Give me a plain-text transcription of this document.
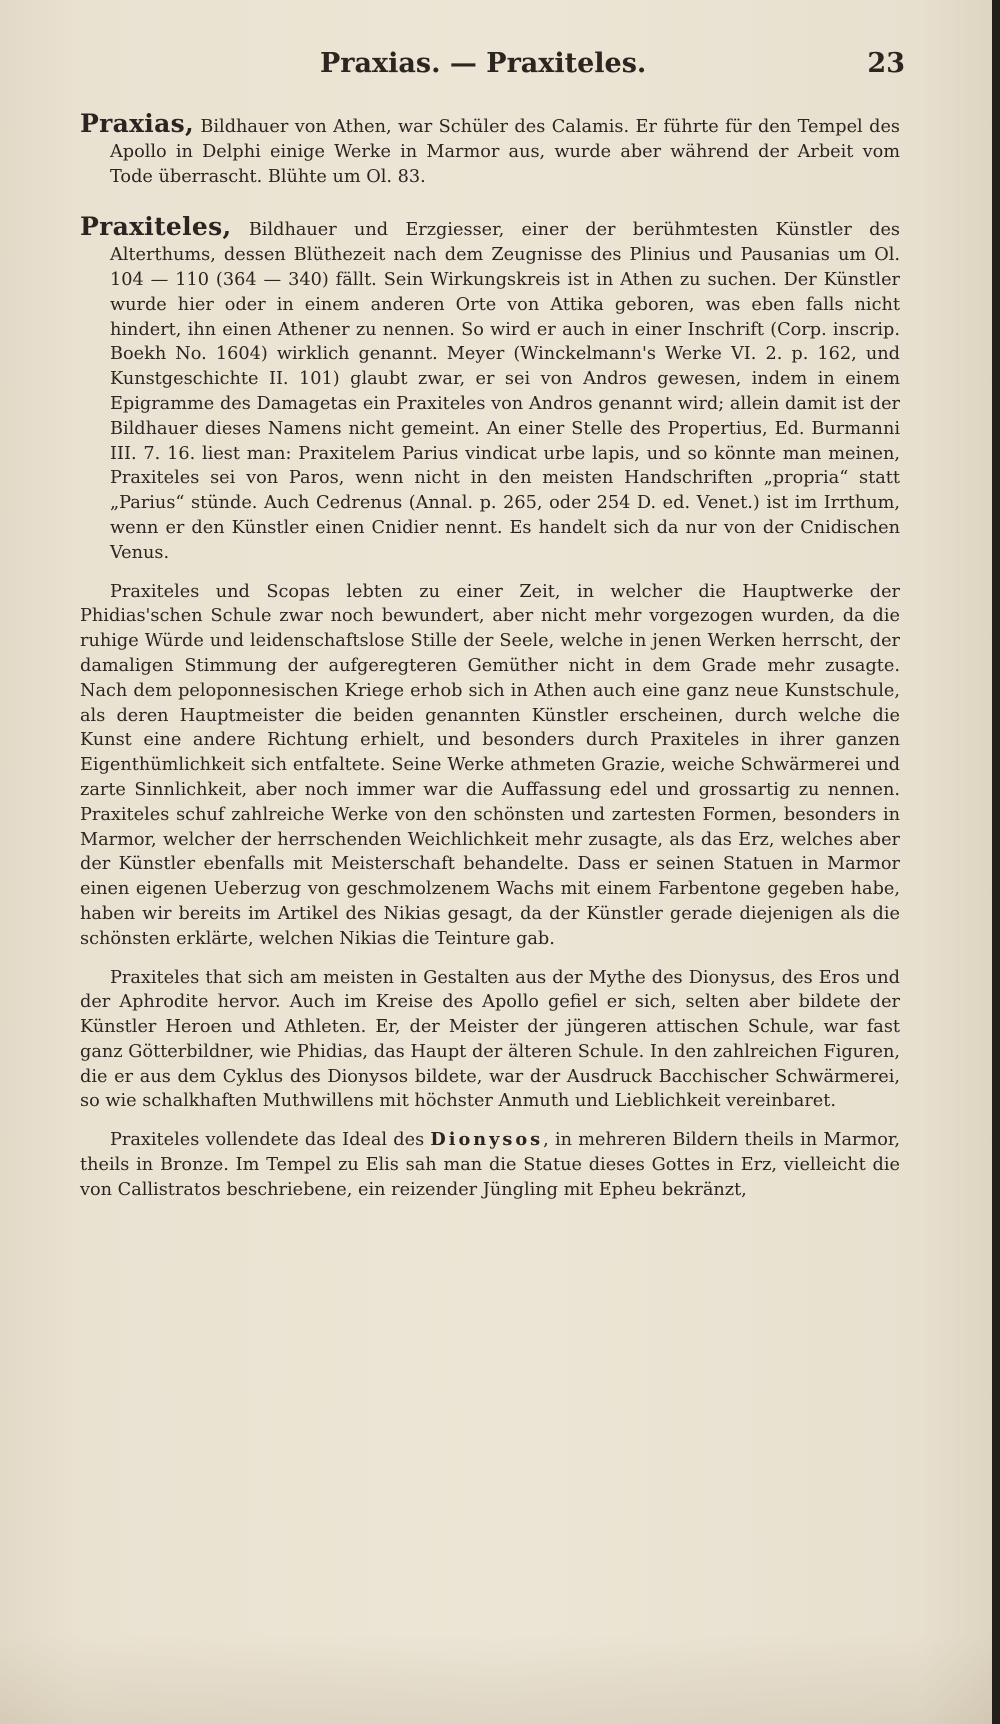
Praxias. — Praxiteles.	23

Praxias, Bildhauer von Athen, war Schüler des Calamis. Er führte für den Tempel des Apollo in Delphi einige Werke in Marmor aus, wurde aber während der Arbeit vom Tode überrascht. Blühte um Ol. 83.

Praxiteles, Bildhauer und Erzgiesser, einer der berühmtesten Künstler des Alterthums, dessen Blüthezeit nach dem Zeugnisse des Plinius und Pausanias um Ol. 104 — 110 (364 — 340) fällt. Sein Wirkungskreis ist in Athen zu suchen. Der Künstler wurde hier oder in einem anderen Orte von Attika geboren, was eben falls nicht hindert, ihn einen Athener zu nennen. So wird er auch in einer Inschrift (Corp. inscrip. Boekh No. 1604) wirklich genannt. Meyer (Winckelmann's Werke VI. 2. p. 162, und Kunstgeschichte II. 101) glaubt zwar, er sei von Andros gewesen, indem in einem Epigramme des Damagetas ein Praxiteles von Andros genannt wird; allein damit ist der Bildhauer dieses Namens nicht gemeint. An einer Stelle des Propertius, Ed. Burmanni III. 7. 16. liest man: Praxitelem Parius vindicat urbe lapis, und so könnte man meinen, Praxiteles sei von Paros, wenn nicht in den meisten Handschriften „propria“ statt „Parius“ stünde. Auch Cedrenus (Annal. p. 265, oder 254 D. ed. Venet.) ist im Irrthum, wenn er den Künstler einen Cnidier nennt. Es handelt sich da nur von der Cnidischen Venus.

Praxiteles und Scopas lebten zu einer Zeit, in welcher die Hauptwerke der Phidias'schen Schule zwar noch bewundert, aber nicht mehr vorgezogen wurden, da die ruhige Würde und leidenschaftslose Stille der Seele, welche in jenen Werken herrscht, der damaligen Stimmung der aufgeregteren Gemüther nicht in dem Grade mehr zusagte. Nach dem peloponnesischen Kriege erhob sich in Athen auch eine ganz neue Kunstschule, als deren Hauptmeister die beiden genannten Künstler erscheinen, durch welche die Kunst eine andere Richtung erhielt, und besonders durch Praxiteles in ihrer ganzen Eigenthümlichkeit sich entfaltete. Seine Werke athmeten Grazie, weiche Schwärmerei und zarte Sinnlichkeit, aber noch immer war die Auffassung edel und grossartig zu nennen. Praxiteles schuf zahlreiche Werke von den schönsten und zartesten Formen, besonders in Marmor, welcher der herrschenden Weichlichkeit mehr zusagte, als das Erz, welches aber der Künstler ebenfalls mit Meisterschaft behandelte. Dass er seinen Statuen in Marmor einen eigenen Ueberzug von geschmolzenem Wachs mit einem Farbentone gegeben habe, haben wir bereits im Artikel des Nikias gesagt, da der Künstler gerade diejenigen als die schönsten erklärte, welchen Nikias die Teinture gab.

Praxiteles that sich am meisten in Gestalten aus der Mythe des Dionysus, des Eros und der Aphrodite hervor. Auch im Kreise des Apollo gefiel er sich, selten aber bildete der Künstler Heroen und Athleten. Er, der Meister der jüngeren attischen Schule, war fast ganz Götterbildner, wie Phidias, das Haupt der älteren Schule. In den zahlreichen Figuren, die er aus dem Cyklus des Dionysos bildete, war der Ausdruck Bacchischer Schwärmerei, so wie schalkhaften Muthwillens mit höchster Anmuth und Lieblichkeit vereinbaret.

Praxiteles vollendete das Ideal des Dionysos, in mehreren Bildern theils in Marmor, theils in Bronze. Im Tempel zu Elis sah man die Statue dieses Gottes in Erz, vielleicht die von Callistratos beschriebene, ein reizender Jüngling mit Epheu bekränzt,
